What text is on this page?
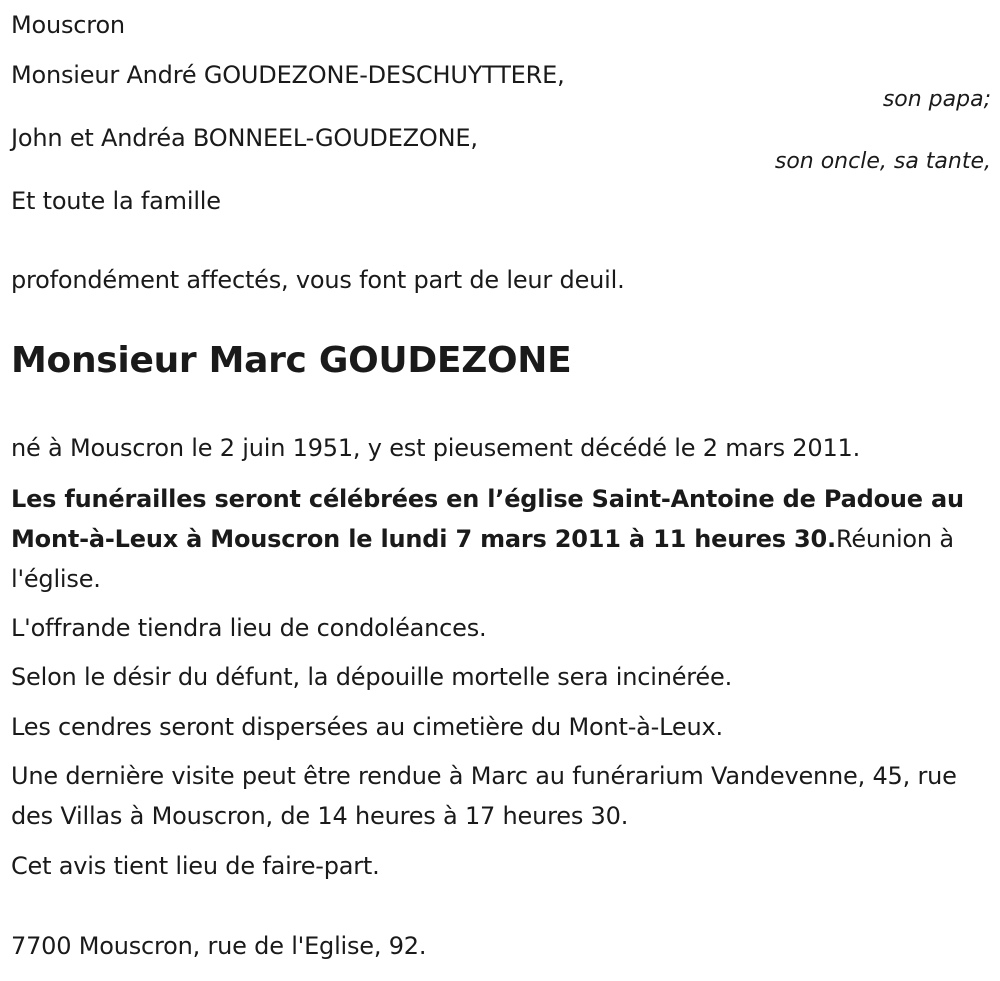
Mouscron
Monsieur André GOUDEZONE-DESCHUYTTERE,
son papa;
John et Andréa BONNEEL-GOUDEZONE,
son oncle, sa tante,
Et toute la famille
profondément affectés, vous font part de leur deuil.
Monsieur Marc GOUDEZONE
né à Mouscron le 2 juin 1951, y est pieusement décédé le 2 mars 2011.
Les funérailles seront célébrées en l’église Saint-Antoine de Padoue au Mont-à-Leux à Mouscron le lundi 7 mars 2011 à 11 heures 30.Réunion à l'église.
L'offrande tiendra lieu de condoléances.
Selon le désir du défunt, la dépouille mortelle sera incinérée.
Les cendres seront dispersées au cimetière du Mont-à-Leux.
Une dernière visite peut être rendue à Marc au funérarium Vandevenne, 45, rue des Villas à Mouscron, de 14 heures à 17 heures 30.
Cet avis tient lieu de faire-part.
7700 Mouscron, rue de l'Eglise, 92.
